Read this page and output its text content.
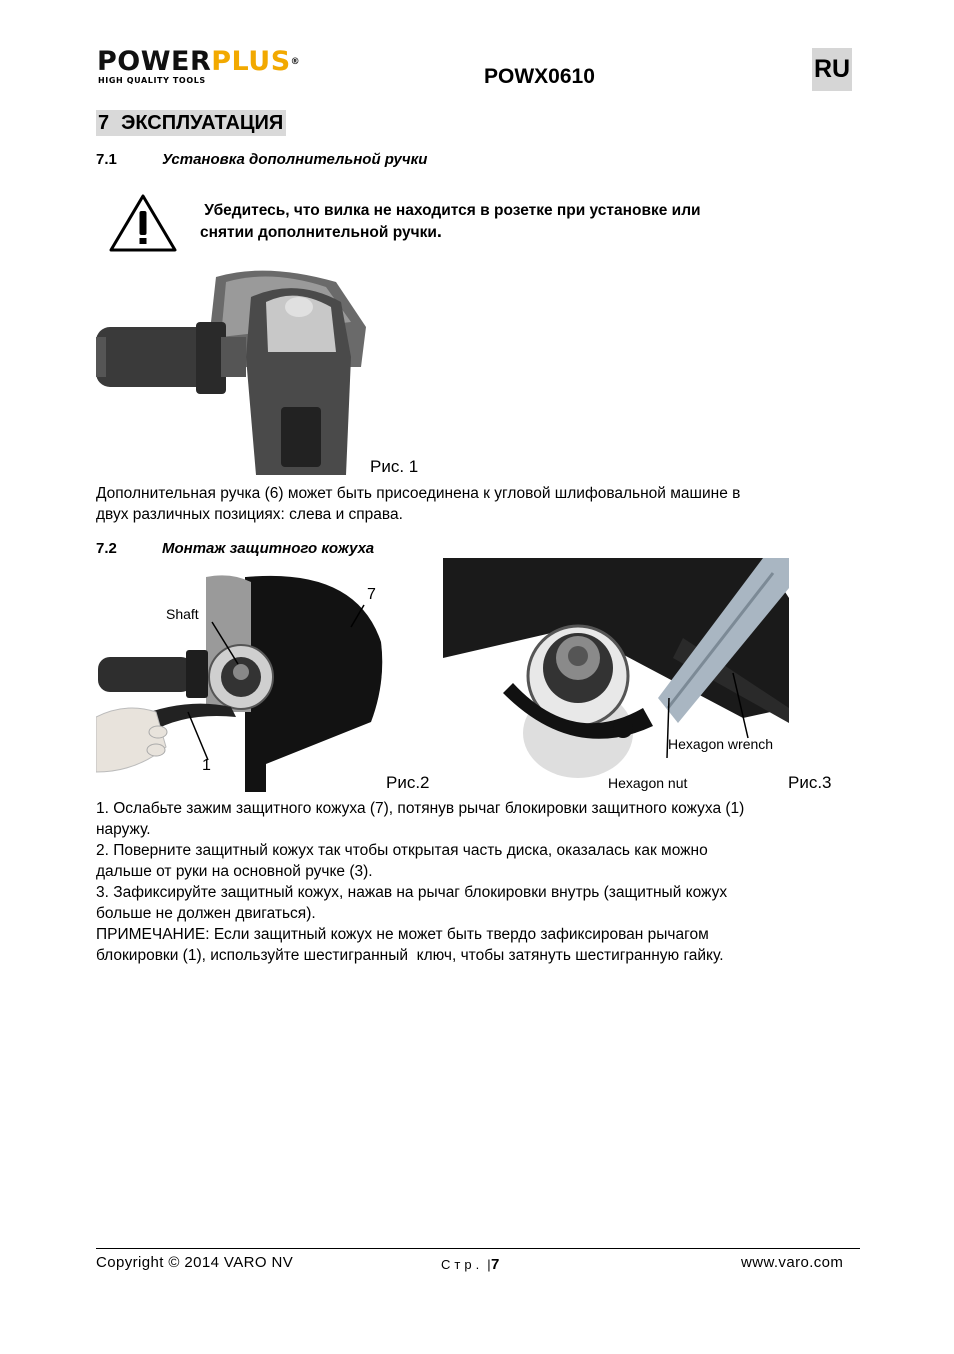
POWERPLUS®
HIGH QUALITY TOOLS	POWX0610	RU
7 ЭКСПЛУАТАЦИЯ
7.1	Установка дополнительной ручки
Убедитесь, что вилка не находится в розетке при установке или
снятии дополнительной ручки.
Рис. 1
Дополнительная ручка (6) может быть присоединена к угловой шлифовальной машине в
двух различных позициях: слева и справа.
7.2	Монтаж защитного кожуха
Shaft
7
1
Рис.2
Hexagon wrench
Hexagon nut	Рис.3
1. Ослабьте зажим защитного кожуха (7), потянув рычаг блокировки защитного кожуха (1)
наружу.
2. Поверните защитный кожух так чтобы открытая часть диска, оказалась как можно
дальше от руки на основной ручке (3).
3. Зафиксируйте защитный кожух, нажав на рычаг блокировки внутрь (защитный кожух
больше не должен двигаться).
ПРИМЕЧАНИЕ: Если защитный кожух не может быть твердо зафиксирован рычагом
блокировки (1), используйте шестигранный  ключ, чтобы затянуть шестигранную гайку.
Copyright © 2014 VARO NV	Стр. |7	www.varo.com
